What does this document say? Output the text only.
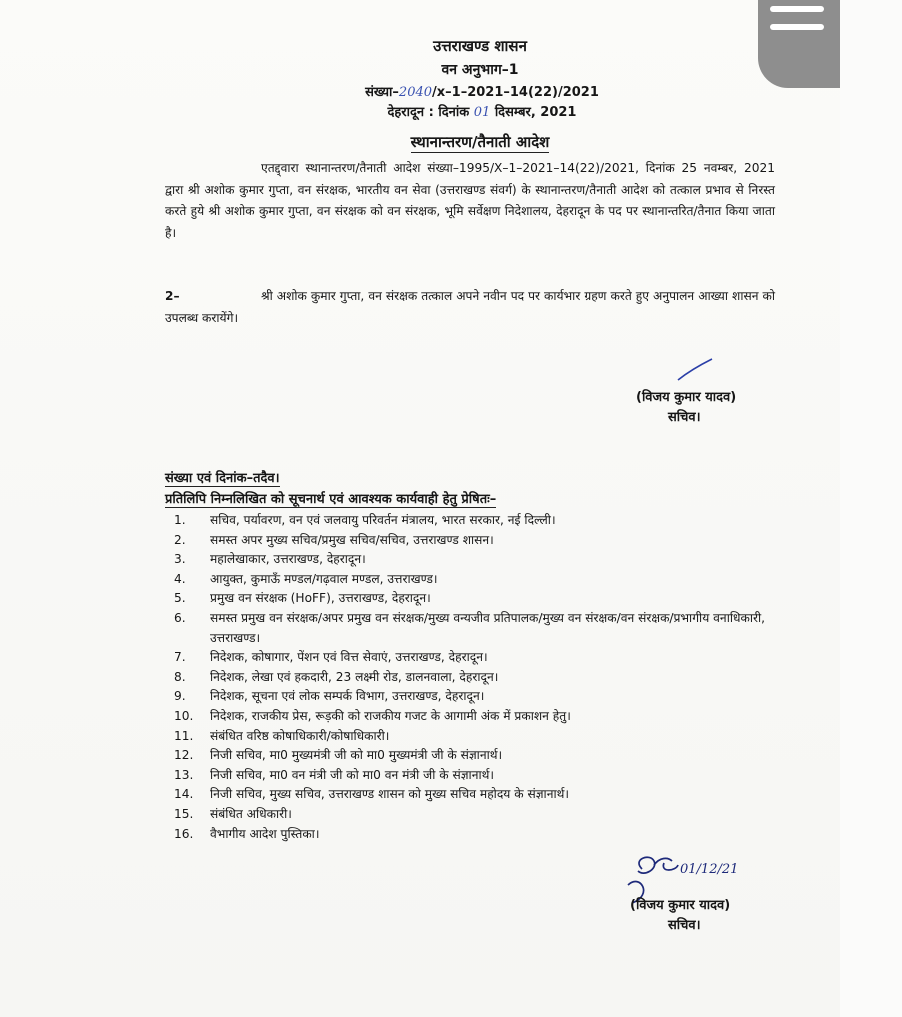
उत्तराखण्ड शासन
वन अनुभाग–1
संख्या–2040/x–1–2021–14(22)/2021
देहरादून : दिनांक 01 दिसम्बर, 2021
स्थानान्तरण/तैनाती आदेश
एतद्द्वारा स्थानान्तरण/तैनाती आदेश संख्या–1995/X–1–2021–14(22)/2021, दिनांक 25 नवम्बर, 2021 द्वारा श्री अशोक कुमार गुप्ता, वन संरक्षक, भारतीय वन सेवा (उत्तराखण्ड संवर्ग) के स्थानान्तरण/तैनाती आदेश को तत्काल प्रभाव से निरस्त करते हुये श्री अशोक कुमार गुप्ता, वन संरक्षक को वन संरक्षक, भूमि सर्वेक्षण निदेशालय, देहरादून के पद पर स्थानान्तरित/तैनात किया जाता है।
2–	श्री अशोक कुमार गुप्ता, वन संरक्षक तत्काल अपने नवीन पद पर कार्यभार ग्रहण करते हुए अनुपालन आख्या शासन को उपलब्ध करायेंगे।
(विजय कुमार यादव)
सचिव।
संख्या एवं दिनांक–तदैव।
प्रतिलिपि निम्नलिखित को सूचनार्थ एवं आवश्यक कार्यवाही हेतु प्रेषितः–
1.	सचिव, पर्यावरण, वन एवं जलवायु परिवर्तन मंत्रालय, भारत सरकार, नई दिल्ली।
2.	समस्त अपर मुख्य सचिव/प्रमुख सचिव/सचिव, उत्तराखण्ड शासन।
3.	महालेखाकार, उत्तराखण्ड, देहरादून।
4.	आयुक्त, कुमाऊँ मण्डल/गढ़वाल मण्डल, उत्तराखण्ड।
5.	प्रमुख वन संरक्षक (HoFF), उत्तराखण्ड, देहरादून।
6.	समस्त प्रमुख वन संरक्षक/अपर प्रमुख वन संरक्षक/मुख्य वन्यजीव प्रतिपालक/मुख्य वन संरक्षक/वन संरक्षक/प्रभागीय वनाधिकारी, उत्तराखण्ड।
7.	निदेशक, कोषागार, पेंशन एवं वित्त सेवाएं, उत्तराखण्ड, देहरादून।
8.	निदेशक, लेखा एवं हकदारी, 23 लक्ष्मी रोड, डालनवाला, देहरादून।
9.	निदेशक, सूचना एवं लोक सम्पर्क विभाग, उत्तराखण्ड, देहरादून।
10.	निदेशक, राजकीय प्रेस, रूड़की को राजकीय गजट के आगामी अंक में प्रकाशन हेतु।
11.	संबंधित वरिष्ठ कोषाधिकारी/कोषाधिकारी।
12.	निजी सचिव, मा0 मुख्यमंत्री जी को मा0 मुख्यमंत्री जी के संज्ञानार्थ।
13.	निजी सचिव, मा0 वन मंत्री जी को मा0 वन मंत्री जी के संज्ञानार्थ।
14.	निजी सचिव, मुख्य सचिव, उत्तराखण्ड शासन को मुख्य सचिव महोदय के संज्ञानार्थ।
15.	संबंधित अधिकारी।
16.	वैभागीय आदेश पुस्तिका।
01/12/21
(विजय कुमार यादव)
सचिव।
